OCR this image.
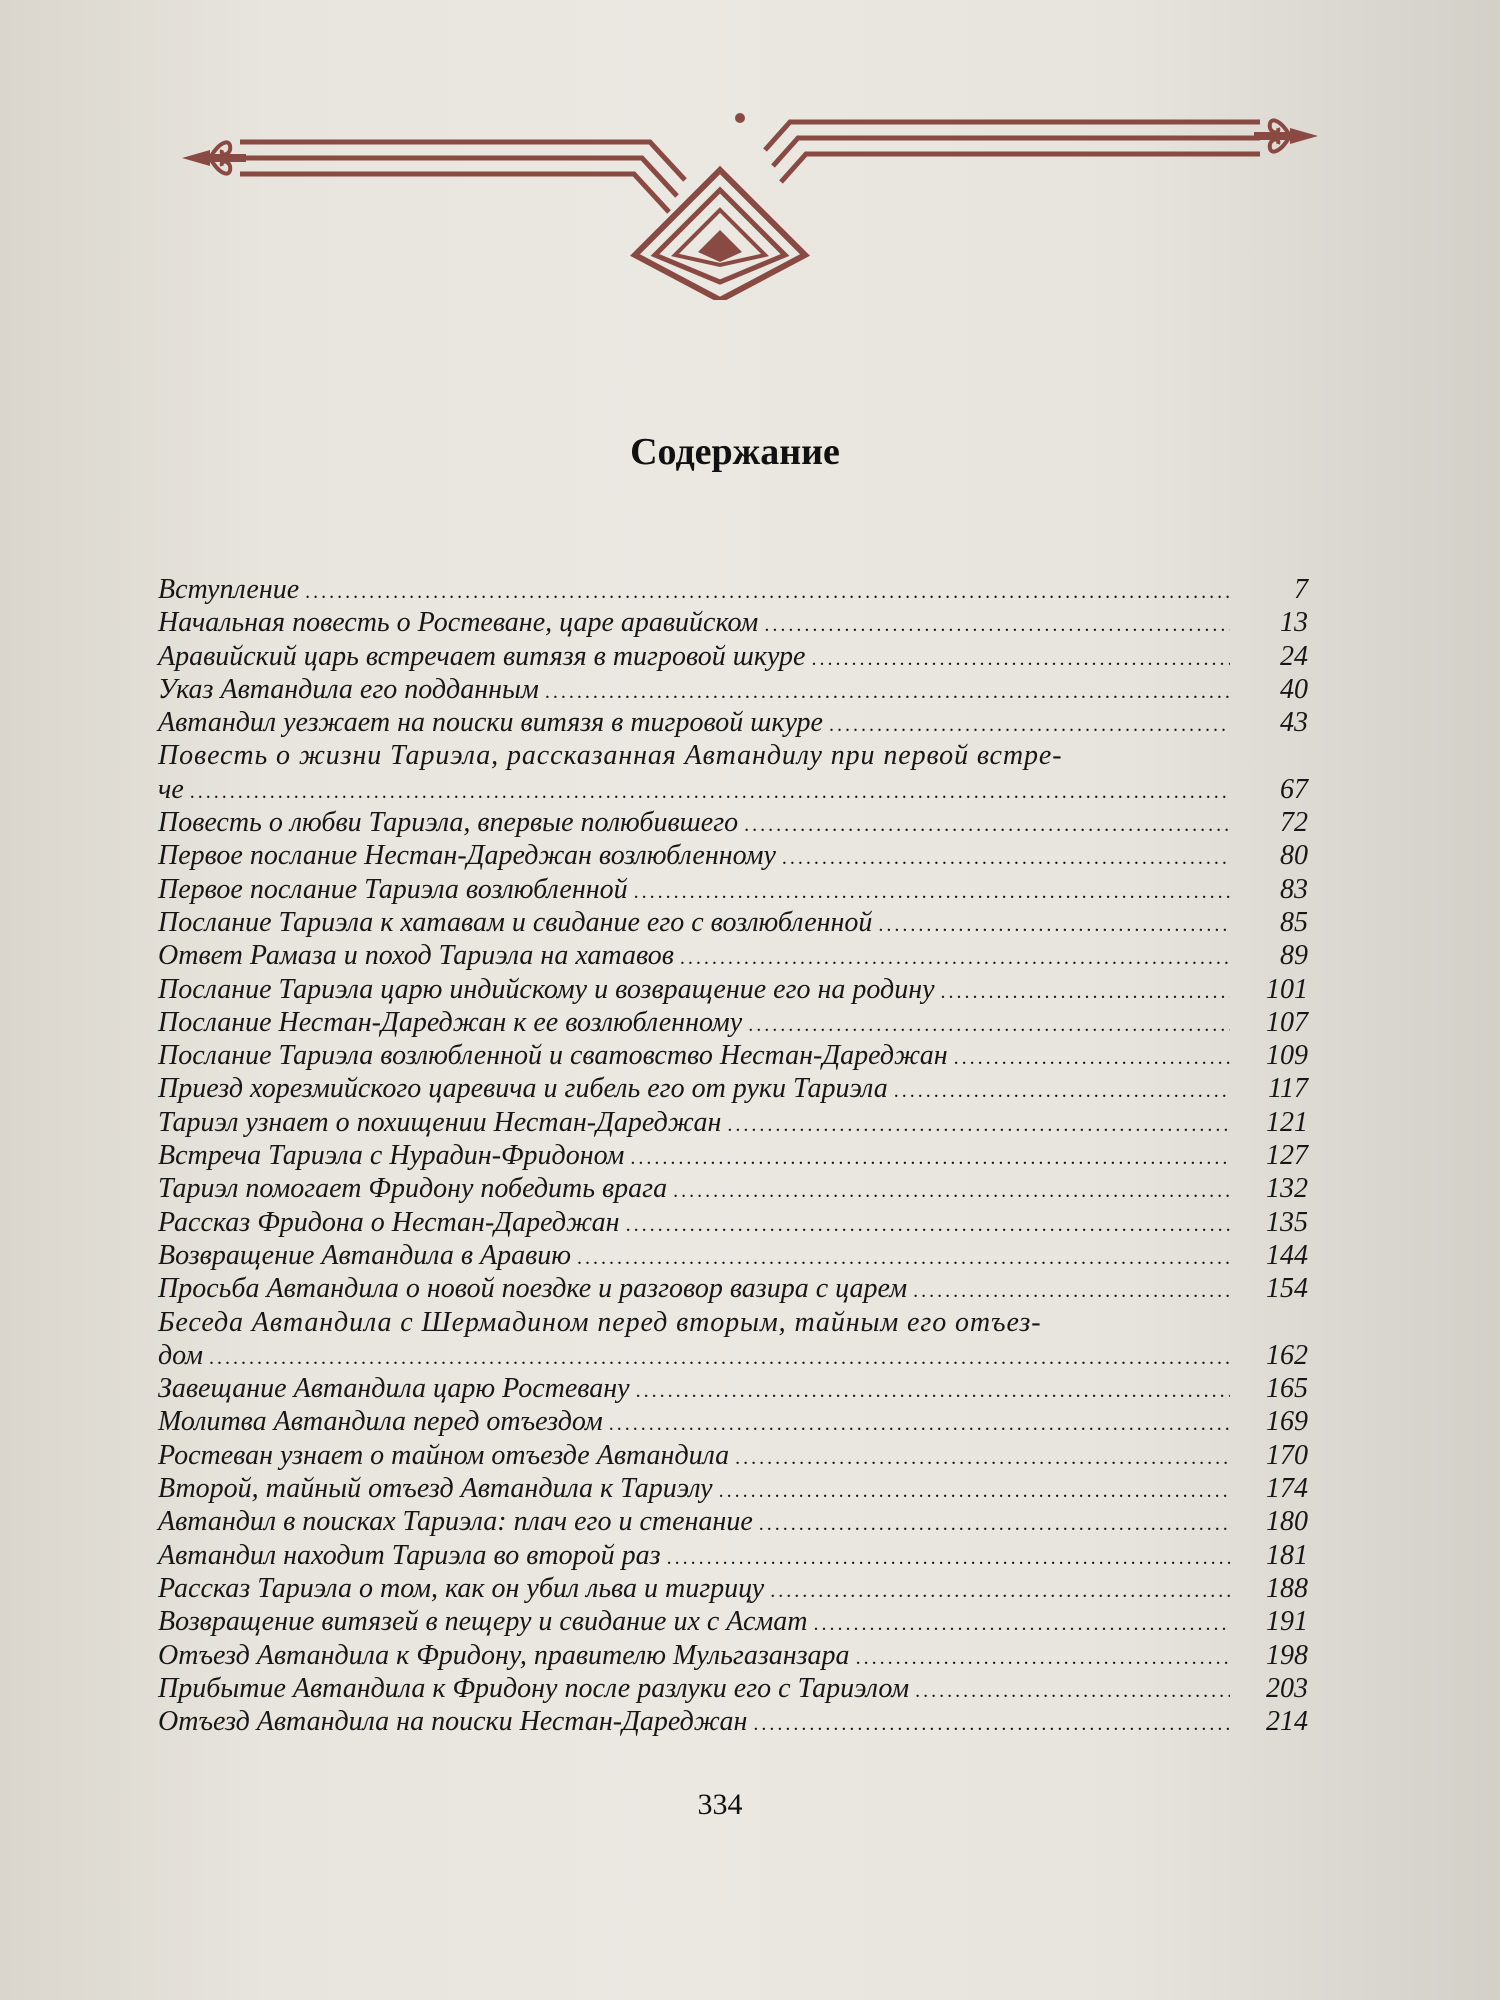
Содержание
Вступление .....	7
Начальная повесть о Ростеване, царе аравийском .....	13
Аравийский царь встречает витязя в тигровой шкуре .....	24
Указ Автандила его подданным .....	40
Автандил уезжает на поиски витязя в тигровой шкуре .....	43
Повесть о жизни Тариэла, рассказанная Автандилу при первой встре-
че .....	67
Повесть о любви Тариэла, впервые полюбившего .....	72
Первое послание Нестан-Дареджан возлюбленному .....	80
Первое послание Тариэла возлюбленной .....	83
Послание Тариэла к хатавам и свидание его с возлюбленной .....	85
Ответ Рамаза и поход Тариэла на хатавов .....	89
Послание Тариэла царю индийскому и возвращение его на родину .....	101
Послание Нестан-Дареджан к ее возлюбленному .....	107
Послание Тариэла возлюбленной и сватовство Нестан-Дареджан .....	109
Приезд хорезмийского царевича и гибель его от руки Тариэла .....	117
Тариэл узнает о похищении Нестан-Дареджан .....	121
Встреча Тариэла с Нурадин-Фридоном .....	127
Тариэл помогает Фридону победить врага .....	132
Рассказ Фридона о Нестан-Дареджан .....	135
Возвращение Автандила в Аравию .....	144
Просьба Автандила о новой поездке и разговор вазира с царем .....	154
Беседа Автандила с Шермадином перед вторым, тайным его отъез-
дом .....	162
Завещание Автандила царю Ростевану .....	165
Молитва Автандила перед отъездом .....	169
Ростеван узнает о тайном отъезде Автандила .....	170
Второй, тайный отъезд Автандила к Тариэлу .....	174
Автандил в поисках Тариэла: плач его и стенание .....	180
Автандил находит Тариэла во второй раз .....	181
Рассказ Тариэла о том, как он убил льва и тигрицу .....	188
Возвращение витязей в пещеру и свидание их с Асмат .....	191
Отъезд Автандила к Фридону, правителю Мульгазанзара .....	198
Прибытие Автандила к Фридону после разлуки его с Тариэлом .....	203
Отъезд Автандила на поиски Нестан-Дареджан .....	214
334
